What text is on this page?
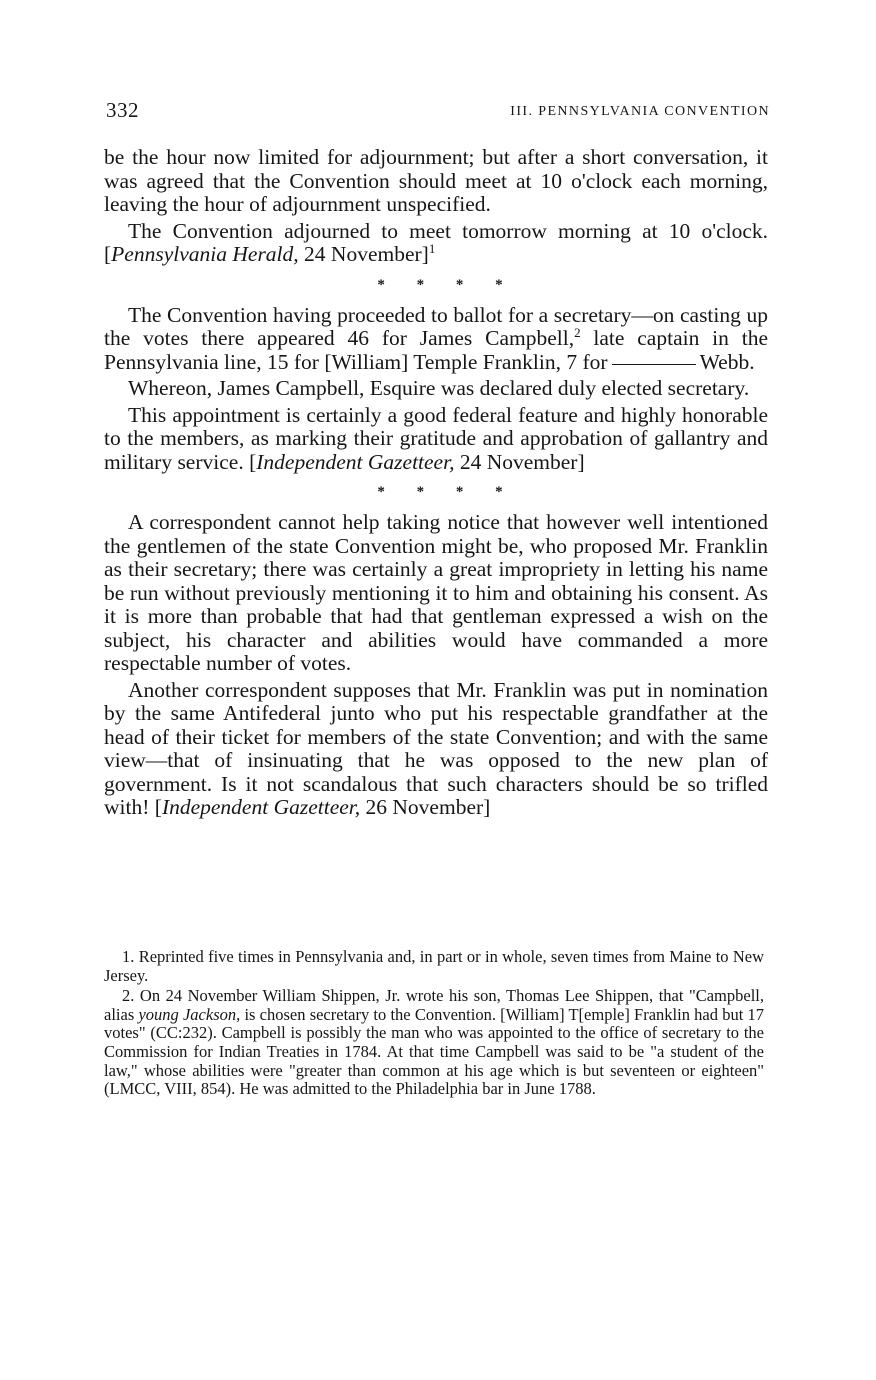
332	III. PENNSYLVANIA CONVENTION

be the hour now limited for adjournment; but after a short conversation, it was agreed that the Convention should meet at 10 o'clock each morning, leaving the hour of adjournment unspecified.

The Convention adjourned to meet tomorrow morning at 10 o'clock. [Pennsylvania Herald, 24 November]$^1$

* * * *

The Convention having proceeded to ballot for a secretary—on casting up the votes there appeared 46 for James Campbell,$^2$ late captain in the Pennsylvania line, 15 for [William] Temple Franklin, 7 for	Webb.

Whereon, James Campbell, Esquire was declared duly elected secretary.

This appointment is certainly a good federal feature and highly honorable to the members, as marking their gratitude and approbation of gallantry and military service. [Independent Gazetteer, 24 November]

* * * *

A correspondent cannot help taking notice that however well intentioned the gentlemen of the state Convention might be, who proposed Mr. Franklin as their secretary; there was certainly a great impropriety in letting his name be run without previously mentioning it to him and obtaining his consent. As it is more than probable that had that gentleman expressed a wish on the subject, his character and abilities would have commanded a more respectable number of votes.

Another correspondent supposes that Mr. Franklin was put in nomination by the same Antifederal junto who put his respectable grandfather at the head of their ticket for members of the state Convention; and with the same view—that of insinuating that he was opposed to the new plan of government. Is it not scandalous that such characters should be so trifled with! [Independent Gazetteer, 26 November]

1. Reprinted five times in Pennsylvania and, in part or in whole, seven times from Maine to New Jersey.

2. On 24 November William Shippen, Jr. wrote his son, Thomas Lee Shippen, that "Campbell, alias young Jackson, is chosen secretary to the Convention. [William] T[emple] Franklin had but 17 votes" (CC:232). Campbell is possibly the man who was appointed to the office of secretary to the Commission for Indian Treaties in 1784. At that time Campbell was said to be "a student of the law," whose abilities were "greater than common at his age which is but seventeen or eighteen" (LMCC, VIII, 854). He was admitted to the Philadelphia bar in June 1788.
